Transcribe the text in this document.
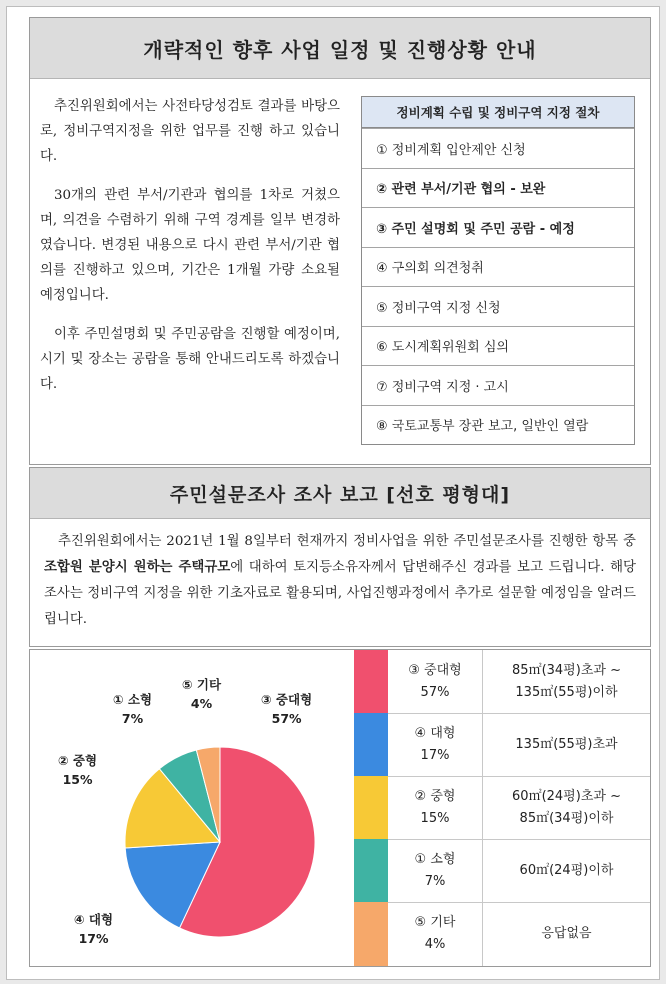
개략적인 향후 사업 일정 및 진행상황 안내

추진위원회에서는 사전타당성검토 결과를 바탕으로, 정비구역지정을 위한 업무를 진행 하고 있습니다.

30개의 관련 부서/기관과 협의를 1차로 거쳤으며, 의견을 수렴하기 위해 구역 경계를 일부 변경하였습니다. 변경된 내용으로 다시 관련 부서/기관 협의를 진행하고 있으며, 기간은 1개월 가량 소요될 예정입니다.

이후 주민설명회 및 주민공람을 진행할 예정이며, 시기 및 장소는 공람을 통해 안내드리도록 하겠습니다.

정비계획 수립 및 정비구역 지정 절차
① 정비계획 입안제안 신청
② 관련 부서/기관 협의 - 보완
③ 주민 설명회 및 주민 공람 - 예정
④ 구의회 의견청취
⑤ 정비구역 지정 신청
⑥ 도시계획위원회 심의
⑦ 정비구역 지정 · 고시
⑧ 국토교통부 장관 보고, 일반인 열람
주민설문조사 조사 보고 [선호 평형대]
추진위원회에서는 2021년 1월 8일부터 현재까지 정비사업을 위한 주민설문조사를 진행한 항목 중 조합원 분양시 원하는 주택규모에 대하여 토지등소유자께서 답변해주신 경과를 보고 드립니다. 해당 조사는 정비구역 지정을 위한 기초자료로 활용되며, 사업진행과정에서 추가로 설문할 예정임을 알려드립니다.
③ 중대형
57%
④ 대형
17%
② 중형
15%
① 소형
7%
⑤ 기타
4%
③ 중대형
57%
85㎡(34평)초과 ~
135㎡(55평)이하
④ 대형
17%
135㎡(55평)초과
② 중형
15%
60㎡(24평)초과 ~
85㎡(34평)이하
① 소형
7%
60㎡(24평)이하
⑤ 기타
4%
응답없음
